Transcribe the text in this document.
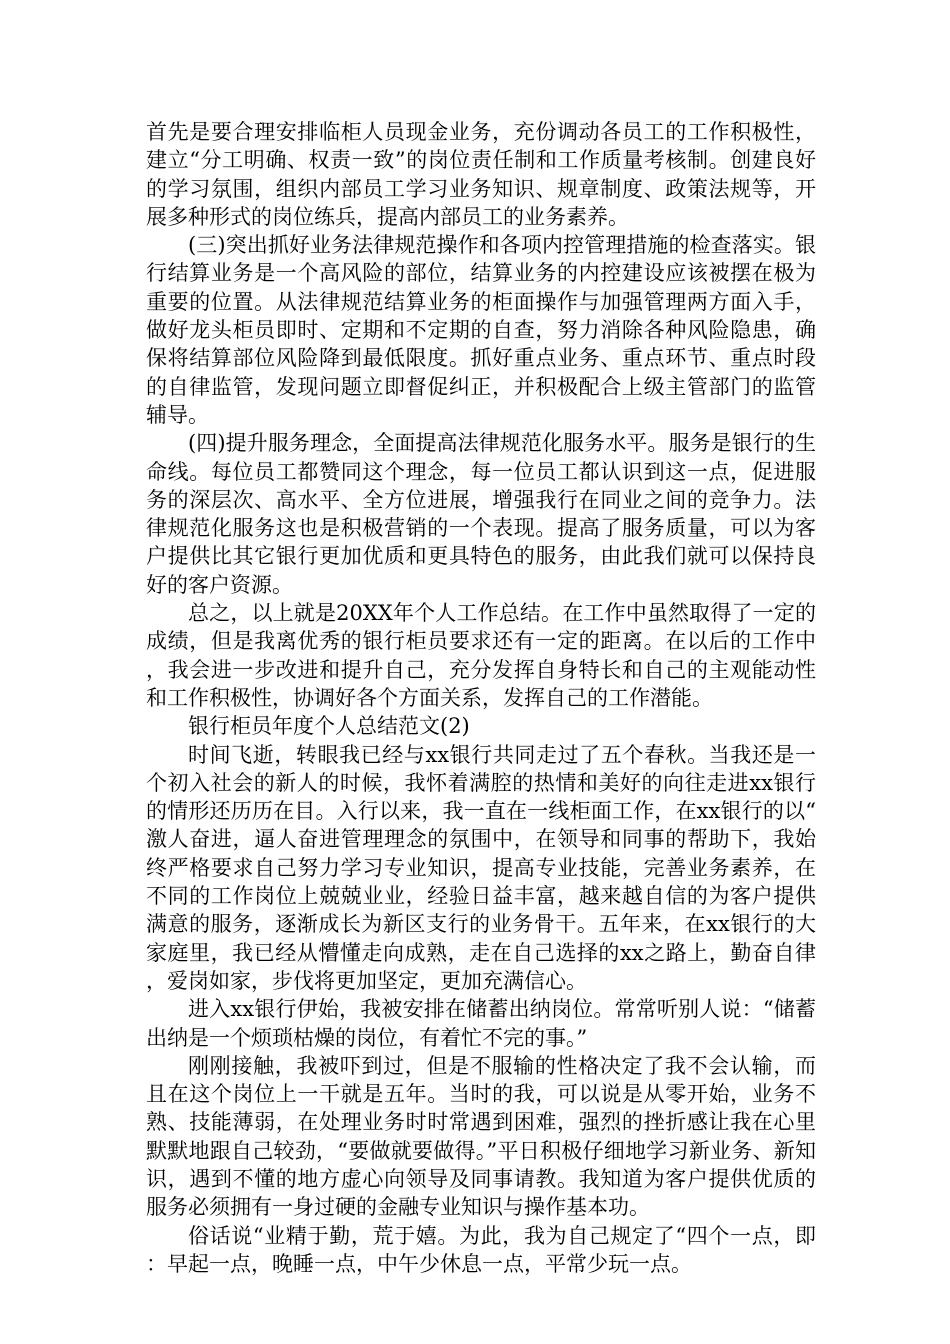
首先是要合理安排临柜人员现金业务，充份调动各员工的工作积极性，建立“分工明确、权责一致”的岗位责任制和工作质量考核制。创建良好的学习氛围，组织内部员工学习业务知识、规章制度、政策法规等，开展多种形式的岗位练兵，提高内部员工的业务素养。

(三)突出抓好业务法律规范操作和各项内控管理措施的检查落实。银行结算业务是一个高风险的部位，结算业务的内控建设应该被摆在极为重要的位置。从法律规范结算业务的柜面操作与加强管理两方面入手，做好龙头柜员即时、定期和不定期的自查，努力消除各种风险隐患，确保将结算部位风险降到最低限度。抓好重点业务、重点环节、重点时段的自律监管，发现问题立即督促纠正，并积极配合上级主管部门的监管辅导。

(四)提升服务理念，全面提高法律规范化服务水平。服务是银行的生命线。每位员工都赞同这个理念，每一位员工都认识到这一点，促进服务的深层次、高水平、全方位进展，增强我行在同业之间的竞争力。法律规范化服务这也是积极营销的一个表现。提高了服务质量，可以为客户提供比其它银行更加优质和更具特色的服务，由此我们就可以保持良好的客户资源。

总之，以上就是20XX年个人工作总结。在工作中虽然取得了一定的成绩，但是我离优秀的银行柜员要求还有一定的距离。在以后的工作中，我会进一步改进和提升自己，充分发挥自身特长和自己的主观能动性和工作积极性，协调好各个方面关系，发挥自己的工作潜能。

银行柜员年度个人总结范文(2)

时间飞逝，转眼我已经与xx银行共同走过了五个春秋。当我还是一个初入社会的新人的时候，我怀着满腔的热情和美好的向往走进xx银行的情形还历历在目。入行以来，我一直在一线柜面工作，在xx银行的以“激人奋进，逼人奋进管理理念的氛围中，在领导和同事的帮助下，我始终严格要求自己努力学习专业知识，提高专业技能，完善业务素养，在不同的工作岗位上兢兢业业，经验日益丰富，越来越自信的为客户提供满意的服务，逐渐成长为新区支行的业务骨干。五年来，在xx银行的大家庭里，我已经从懵懂走向成熟，走在自己选择的xx之路上，勤奋自律，爱岗如家，步伐将更加坚定，更加充满信心。

进入xx银行伊始，我被安排在储蓄出纳岗位。常常听别人说：“储蓄出纳是一个烦琐枯燥的岗位，有着忙不完的事。”

刚刚接触，我被吓到过，但是不服输的性格决定了我不会认输，而且在这个岗位上一干就是五年。当时的我，可以说是从零开始，业务不熟、技能薄弱，在处理业务时时常遇到困难，强烈的挫折感让我在心里默默地跟自己较劲，“要做就要做得。”平日积极仔细地学习新业务、新知识，遇到不懂的地方虚心向领导及同事请教。我知道为客户提供优质的服务必须拥有一身过硬的金融专业知识与操作基本功。

俗话说“业精于勤，荒于嬉。为此，我为自己规定了“四个一点，即：早起一点，晚睡一点，中午少休息一点，平常少玩一点。
